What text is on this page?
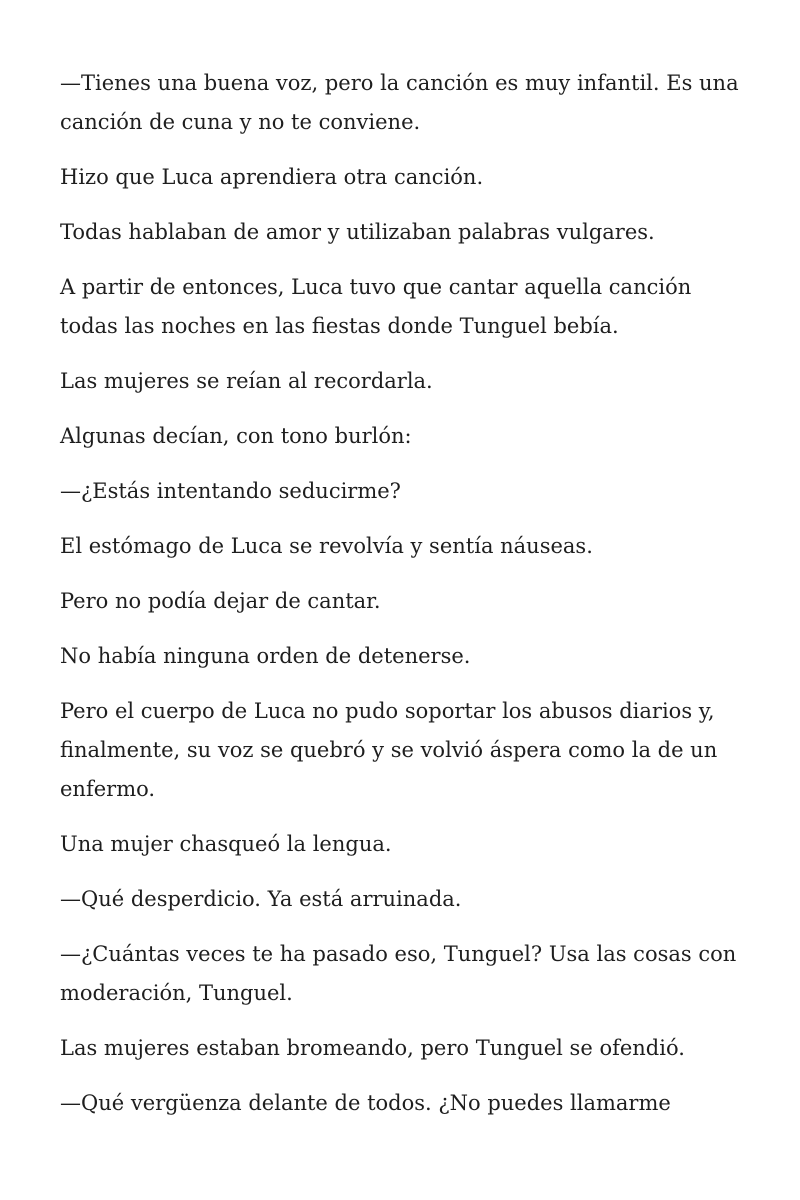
—Tienes una buena voz, pero la canción es muy infantil. Es una canción de cuna y no te conviene.

Hizo que Luca aprendiera otra canción.

Todas hablaban de amor y utilizaban palabras vulgares.

A partir de entonces, Luca tuvo que cantar aquella canción todas las noches en las fiestas donde Tunguel bebía.

Las mujeres se reían al recordarla.

Algunas decían, con tono burlón:

—¿Estás intentando seducirme?

El estómago de Luca se revolvía y sentía náuseas.

Pero no podía dejar de cantar.

No había ninguna orden de detenerse.

Pero el cuerpo de Luca no pudo soportar los abusos diarios y, finalmente, su voz se quebró y se volvió áspera como la de un enfermo.

Una mujer chasqueó la lengua.

—Qué desperdicio. Ya está arruinada.

—¿Cuántas veces te ha pasado eso, Tunguel? Usa las cosas con moderación, Tunguel.

Las mujeres estaban bromeando, pero Tunguel se ofendió.

—Qué vergüenza delante de todos. ¿No puedes llamarme
